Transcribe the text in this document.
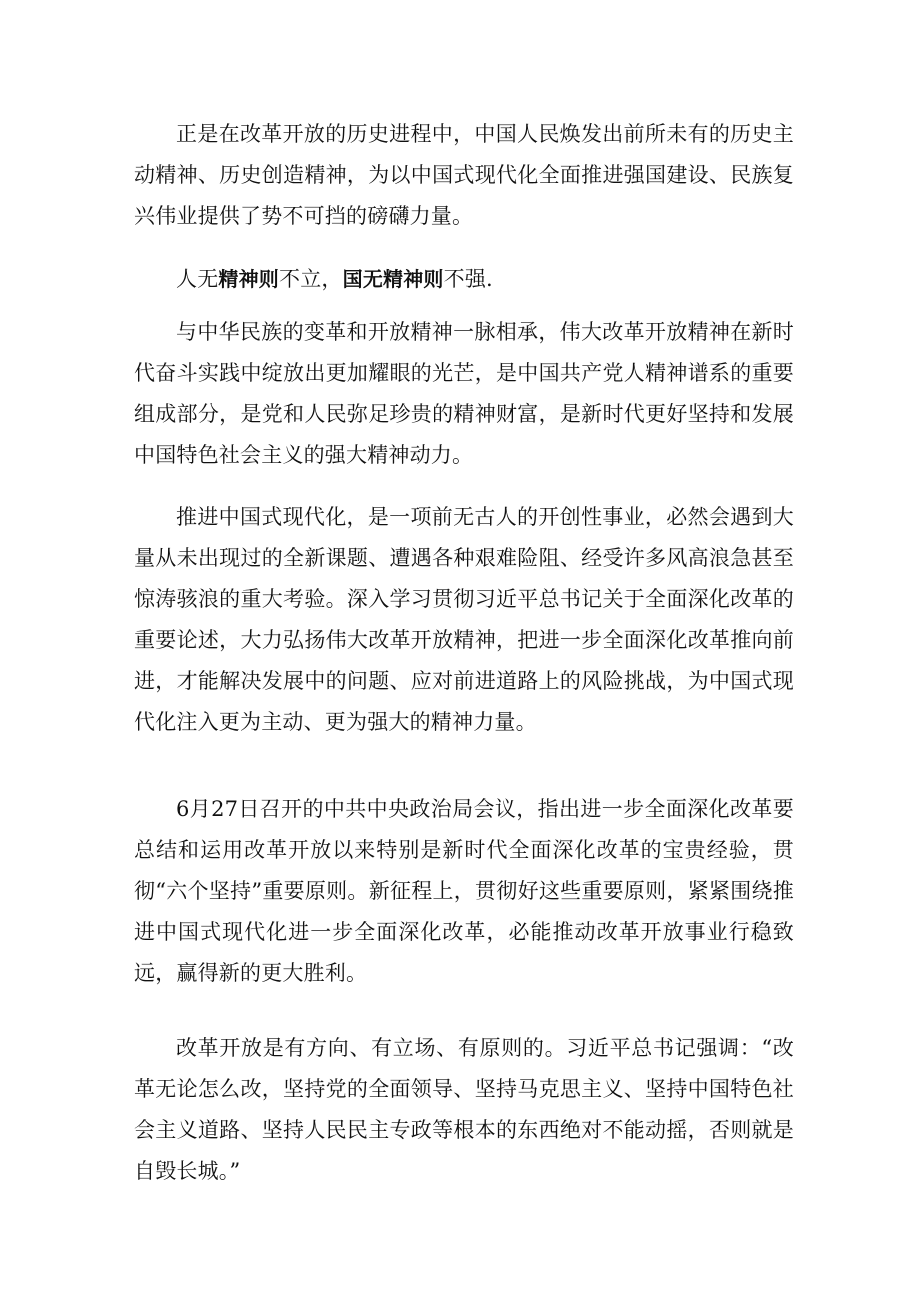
正是在改革开放的历史进程中，中国人民焕发出前所未有的历史主动精神、历史创造精神，为以中国式现代化全面推进强国建设、民族复兴伟业提供了势不可挡的磅礴力量。

人无精神则不立，国无精神则不强.

与中华民族的变革和开放精神一脉相承，伟大改革开放精神在新时代奋斗实践中绽放出更加耀眼的光芒，是中国共产党人精神谱系的重要组成部分，是党和人民弥足珍贵的精神财富，是新时代更好坚持和发展中国特色社会主义的强大精神动力。

推进中国式现代化，是一项前无古人的开创性事业，必然会遇到大量从未出现过的全新课题、遭遇各种艰难险阻、经受许多风高浪急甚至惊涛骇浪的重大考验。深入学习贯彻习近平总书记关于全面深化改革的重要论述，大力弘扬伟大改革开放精神，把进一步全面深化改革推向前进，才能解决发展中的问题、应对前进道路上的风险挑战，为中国式现代化注入更为主动、更为强大的精神力量。

6月27日召开的中共中央政治局会议，指出进一步全面深化改革要总结和运用改革开放以来特别是新时代全面深化改革的宝贵经验，贯彻“六个坚持”重要原则。新征程上，贯彻好这些重要原则，紧紧围绕推进中国式现代化进一步全面深化改革，必能推动改革开放事业行稳致远，赢得新的更大胜利。

改革开放是有方向、有立场、有原则的。习近平总书记强调：“改革无论怎么改，坚持党的全面领导、坚持马克思主义、坚持中国特色社会主义道路、坚持人民民主专政等根本的东西绝对不能动摇，否则就是自毁长城。”
